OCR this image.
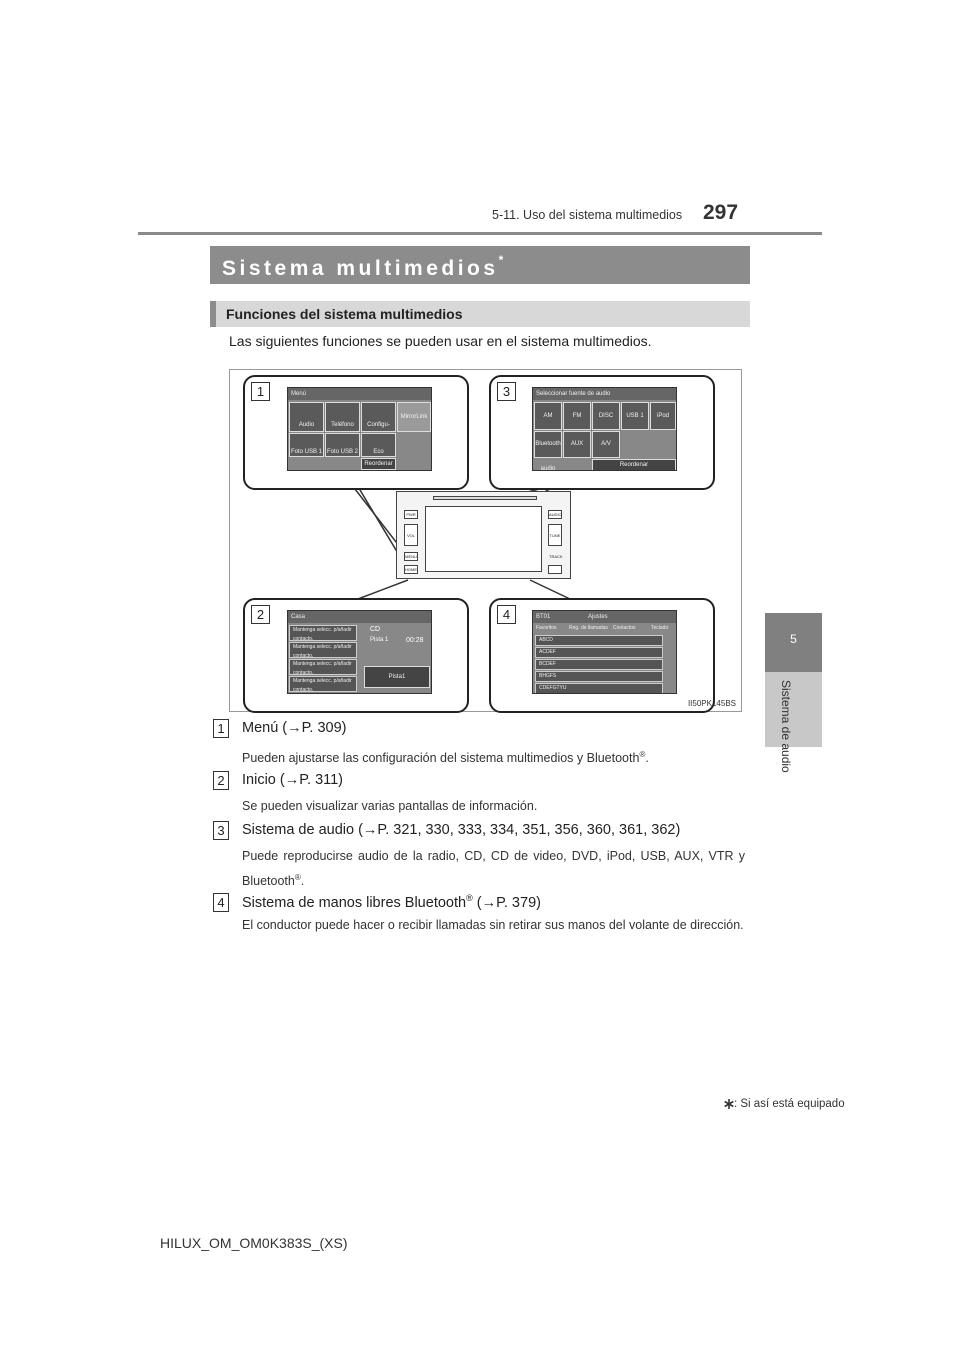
5-11. Uso del sistema multimedios 297
5
Sistema de audio
Sistema multimedios*
Funciones del sistema multimedios
Las siguientes funciones se pueden usar en el sistema multimedios.
1	Menú
Audio	Teléfono	Configu-
MirrorLink
Foto USB 1 Foto USB 2	Eco
Reordenar
3	Seleccionar fuente de audio
AM	FM	DISC	USB 1	iPod
Bluetooth audio
AUX	A/V
Reordenar
PWR
VOL
MENU
HOME
AUDIO
TUNE TRACK
2	Casa
Mantenga selecc. p/añadir contacto.
Mantenga selecc. p/añadir contacto.
Mantenga selecc. p/añadir contacto.
Mantenga selecc. p/añadir contacto.
CD
Pista 1	00:28
Pista1
4	BT01	Ajustes
Favoritos Reg. de llamadas Contactos	Teclado
ABCD
ACDEF
BCDEF
BHGFS
CDEFGTYU
II50PK145BS
1	Menú (→P. 309)
Pueden ajustarse las configuración del sistema multimedios y Bluetooth®.
2	Inicio (→P. 311)
Se pueden visualizar varias pantallas de información.
3	Sistema de audio (→P. 321, 330, 333, 334, 351, 356, 360, 361, 362)
Puede reproducirse audio de la radio, CD, CD de video, DVD, iPod, USB, AUX, VTR y Bluetooth®.
4	Sistema de manos libres Bluetooth® (→P. 379)
El conductor puede hacer o recibir llamadas sin retirar sus manos del volante de dirección.
: Si así está equipado
HILUX_OM_OM0K383S_(XS)
